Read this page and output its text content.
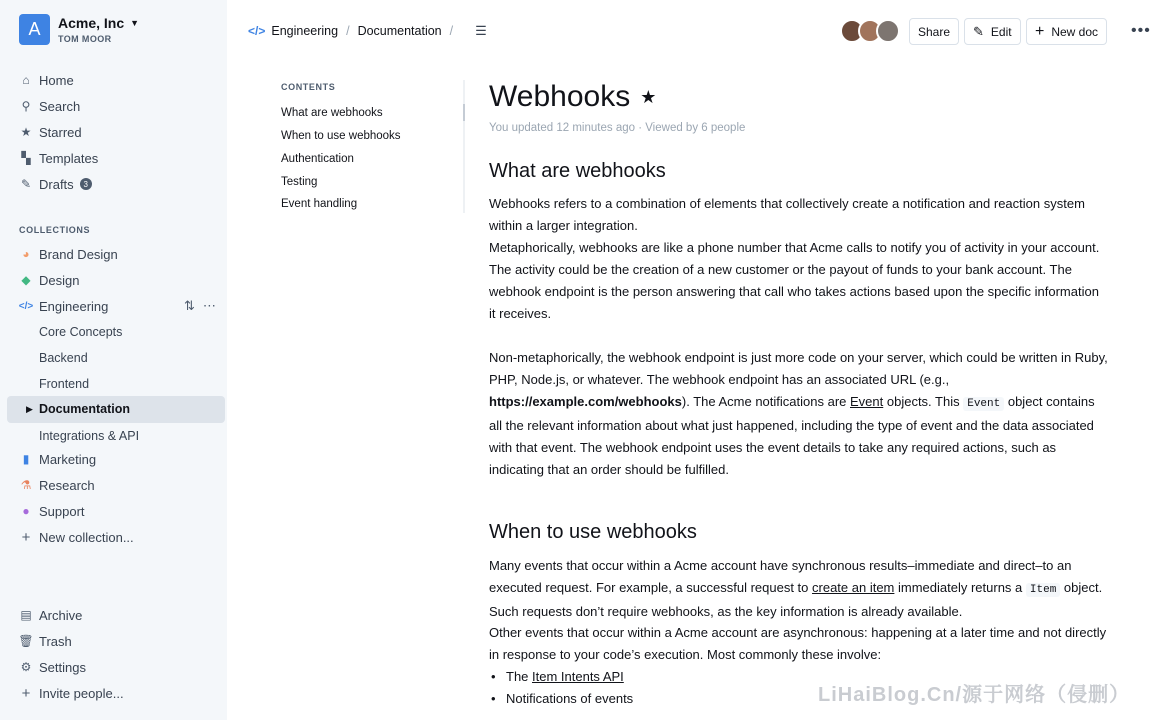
A	Acme, Inc ▼
TOM MOOR
⌂ Home
⚲ Search
★ Starred
▚ Templates
✎ Drafts	3
COLLECTIONS
◕ Brand Design
◆ Design
</> Engineering	⇅ ⋯
Core Concepts
Backend
Frontend
▶ Documentation
Integrations & API
▮ Marketing
⚗ Research
● Support
+ New collection...
▤ Archive
🗑 Trash
⚙ Settings
+ Invite people...
</> Engineering / Documentation / ☰	Share ✎ Edit + New doc •••
CONTENTS
What are webhooks
When to use webhooks
Authentication
Testing
Event handling
Webhooks ★
You updated 12 minutes ago · Viewed by 6 people
What are webhooks
Webhooks refers to a combination of elements that collectively create a notification and reaction system within a larger integration.
Metaphorically, webhooks are like a phone number that Acme calls to notify you of activity in your account. The activity could be the creation of a new customer or the payout of funds to your bank account. The webhook endpoint is the person answering that call who takes actions based upon the specific information it receives.
Non-metaphorically, the webhook endpoint is just more code on your server, which could be written in Ruby, PHP, Node.js, or whatever. The webhook endpoint has an associated URL (e.g., https://example.com/webhooks). The Acme notifications are Event objects. This Event object contains all the relevant information about what just happened, including the type of event and the data associated with that event. The webhook endpoint uses the event details to take any required actions, such as indicating that an order should be fulfilled.
When to use webhooks
Many events that occur within a Acme account have synchronous results–immediate and direct–to an executed request. For example, a successful request to create an item immediately returns a Item object. Such requests don’t require webhooks, as the key information is already available.
Other events that occur within a Acme account are asynchronous: happening at a later time and not directly in response to your code’s execution. Most commonly these involve:
• The Item Intents API
• Notifications of events	LiHaiBlog.Cn/源于网络（侵删）
